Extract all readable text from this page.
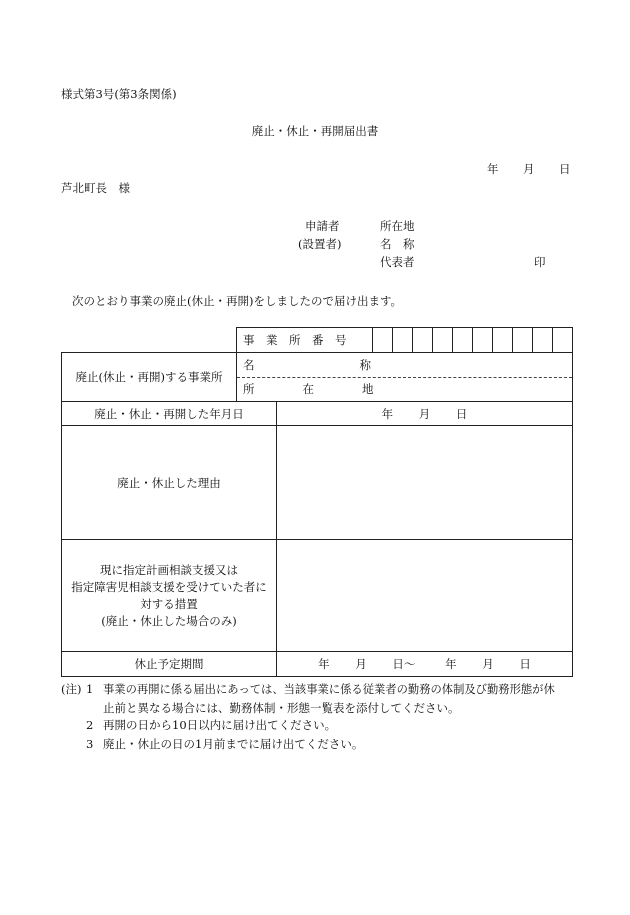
様式第3号(第3条関係)
廃止・休止・再開届出書
年 月 日
芦北町長　様
申請者
(設置者)
所在地
名　称
代表者	印
次のとおり事業の廃止(休止・再開)をしましたので届け出ます。

	事　業　所　番　号		

廃止(休止・再開)する事業所	名 称
所 在 地		

廃止・休止・再開した年月日		年 月 日	
廃止・休止した理由			

現に指定計画相談支援又は
指定障害児相談支援を受けていた者に
対する措置
(廃止・休止した場合のみ)			

休止予定期間		年 月 日～ 年 月 日	
(注) 1 事業の再開に係る届出にあっては、当該事業に係る従業者の勤務の体制及び勤務形態が休
止前と異なる場合には、勤務体制・形態一覧表を添付してください。
2 再開の日から10日以内に届け出てください。
3 廃止・休止の日の1月前までに届け出てください。
